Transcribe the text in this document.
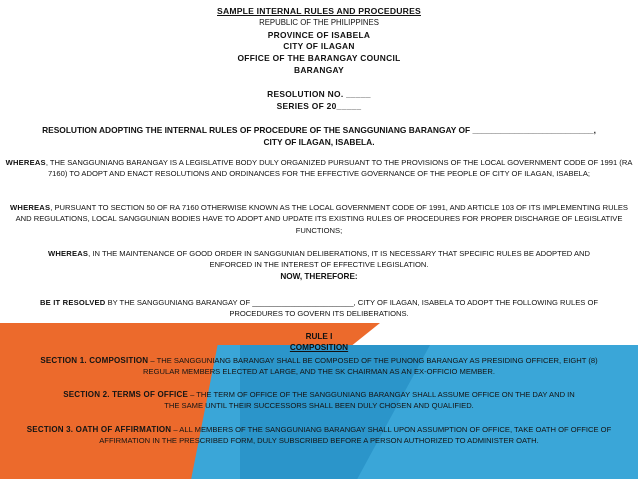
SAMPLE INTERNAL RULES AND PROCEDURES
REPUBLIC OF THE PHILIPPINES
PROVINCE OF ISABELA
CITY OF ILAGAN
OFFICE OF THE BARANGAY COUNCIL
BARANGAY
RESOLUTION NO. _____
SERIES OF 20_____
RESOLUTION ADOPTING THE INTERNAL RULES OF PROCEDURE OF THE SANGGUNIANG BARANGAY OF __________________________, CITY OF ILAGAN, ISABELA.
WHEREAS, THE SANGGUNIANG BARANGAY IS A LEGISLATIVE BODY DULY ORGANIZED PURSUANT TO THE PROVISIONS OF THE LOCAL GOVERNMENT CODE OF 1991 (RA 7160) TO ADOPT AND ENACT RESOLUTIONS AND ORDINANCES FOR THE EFFECTIVE GOVERNANCE OF THE PEOPLE OF CITY OF ILAGAN, ISABELA;
WHEREAS, PURSUANT TO SECTION 50 OF RA 7160 OTHERWISE KNOWN AS THE LOCAL GOVERNMENT CODE OF 1991, AND ARTICLE 103 OF ITS IMPLEMENTING RULES AND REGULATIONS, LOCAL SANGGUNIAN BODIES HAVE TO ADOPT AND UPDATE ITS EXISTING RULES OF PROCEDURES FOR PROPER DISCHARGE OF LEGISLATIVE FUNCTIONS;
WHEREAS, IN THE MAINTENANCE OF GOOD ORDER IN SANGGUNIAN DELIBERATIONS, IT IS NECESSARY THAT SPECIFIC RULES BE ADOPTED AND ENFORCED IN THE INTEREST OF EFFECTIVE LEGISLATION.
NOW, THEREFORE:
BE IT RESOLVED BY THE SANGGUNIANG BARANGAY OF ________________________, CITY OF ILAGAN, ISABELA TO ADOPT THE FOLLOWING RULES OF PROCEDURES TO GOVERN ITS DELIBERATIONS.
RULE I
COMPOSITION
SECTION 1. COMPOSITION – THE SANGGUNIANG BARANGAY SHALL BE COMPOSED OF THE PUNONG BARANGAY AS PRESIDING OFFICER, EIGHT (8) REGULAR MEMBERS ELECTED AT LARGE, AND THE SK CHAIRMAN AS AN EX-OFFICIO MEMBER.
SECTION 2. TERMS OF OFFICE – THE TERM OF OFFICE OF THE SANGGUNIANG BARANGAY SHALL ASSUME OFFICE ON THE DAY AND IN THE SAME UNTIL THEIR SUCCESSORS SHALL BEEN DULY CHOSEN AND QUALIFIED.
SECTION 3. OATH OF AFFIRMATION – ALL MEMBERS OF THE SANGGUNIANG BARANGAY SHALL UPON ASSUMPTION OF OFFICE, TAKE OATH OF OFFICE OF AFFIRMATION IN THE PRESCRIBED FORM, DULY SUBSCRIBED BEFORE A PERSON AUTHORIZED TO ADMINISTER OATH.
